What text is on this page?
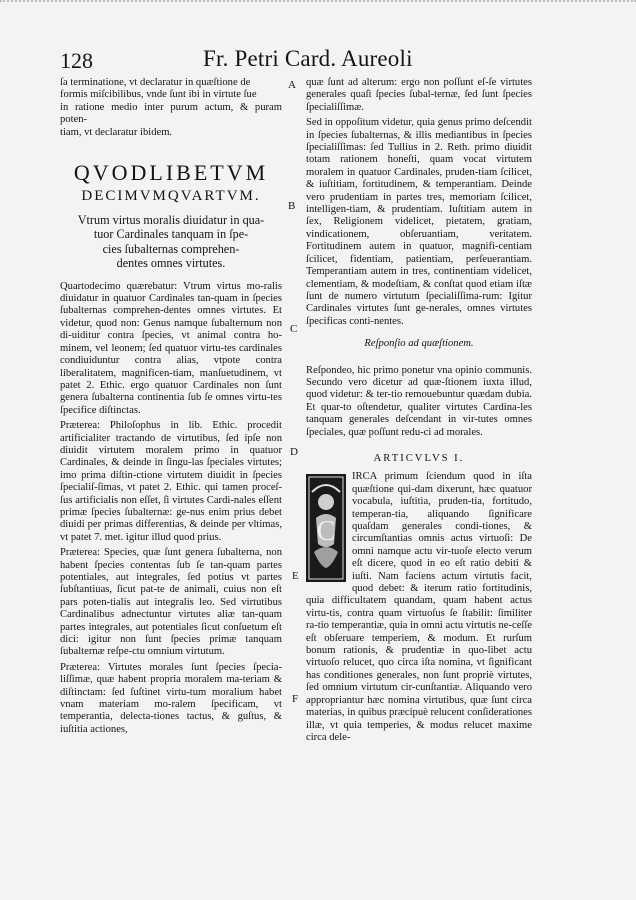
128	Fr. Petri Card. Aureoli
ſa terminatione, vt declaratur in quæſtione de
formis miſcibilibus, vnde ſunt ibi in virtute ſue
in ratione medio inter purum actum, & puram poten-
tiam, vt declaratur ibidem.
QVODLIBETVM
DECIMVMQVARTVM.
Vtrum virtus moralis diuidatur in qua-
tuor Cardinales tanquam in ſpe-
cies ſubalternas comprehen-
dentes omnes virtutes.

Quartodecimo quærebatur: Vtrum virtus mo-ralis diuidatur in quatuor Cardinales tan-quam in ſpecies ſubalternas comprehen-dentes omnes virtutes. Et videtur, quod non: Genus namque ſubalternum non di-uiditur contra ſpecies, vt animal contra ho-minem, vel leonem; ſed quatuor virtu-tes cardinales condiuiduntur contra alias, vtpote contra liberalitatem, magnificen-tiam, manſuetudinem, vt patet 2. Ethic. ergo quatuor Cardinales non ſunt genera ſubalterna continentia ſub ſe omnes virtu-tes ſpecifice diſtinctas.

Præterea: Philoſophus in lib. Ethic. procedit artificialiter tractando de virtutibus, ſed ipſe non diuidit virtutem moralem primo in quatuor Cardinales, & deinde in ſingu-las ſpeciales virtutes; imo prima diſtin-ctione virtutem diuidit in ſpecies ſpecialiſ-ſimas, vt patet 2. Ethic. qui tamen proceſ-ſus artificialis non eſſet, ſi virtutes Cardi-nales eſſent primæ ſpecies ſubalternæ: ge-nus enim prius debet diuidi per primas differentias, & deinde per vltimas, vt patet 7. met. igitur illud quod prius.

Præterea: Species, quæ ſunt genera ſubalterna, non habent ſpecies contentas ſub ſe tan-quam partes potentiales, aut integrales, ſed potius vt partes ſubſtantiuas, ſicut pat-te de animali, cuius non eſt pars poten-tialis aut integralis leo. Sed virtutibus Cardinalibus adnectuntur virtutes aliæ tan-quam partes integrales, aut potentiales ſicut conſuetum eſt dici: igitur non ſunt ſpecies primæ tanquam ſubalternæ reſpe-ctu omnium virtutum.

Præterea: Virtutes morales ſunt ſpecies ſpecia-liſſimæ, quæ habent propria moralem ma-teriam & diſtinctam: ſed ſuſtinet virtu-tum moralium habet vnam materiam mo-ralem ſpecificam, vt temperantia, delecta-tiones tactus, & guſtus, & iuſtitia actiones,

A
B
C
D
E
F

quæ ſunt ad alterum: ergo non poſſunt eſ-ſe virtutes generales quaſi ſpecies ſubal-ternæ, ſed ſunt ſpecies ſpecialiſſimæ.

Sed in oppoſitum videtur, quia genus primo deſcendit in ſpecies ſubalternas, & illis mediantibus in ſpecies ſpecialiſſimas: ſed Tullius in 2. Reth. primo diuidit totam rationem honeſti, quam vocat virtutem moralem in quatuor Cardinales, pruden-tiam ſcilicet, & iuſtitiam, fortitudinem, & temperantiam. Deinde vero prudentiam in partes tres, memoriam ſcilicet, intelligen-tiam, & prudentiam. Iuſtitiam autem in ſex, Religionem videlicet, pietatem, gratiam, vindicationem, obſeruantiam, veritatem. Fortitudinem autem in quatuor, magnifi-centiam ſcilicet, fidentiam, patientiam, perſeuerantiam. Temperantiam autem in tres, continentiam videlicet, clementiam, & modeſtiam, & conſtat quod etiam iſtæ ſunt de numero virtutum ſpecialiſſima-rum: Igitur Cardinales virtutes ſunt ge-nerales, omnes virtutes ſpecificas conti-nentes.

Reſponſio ad quæſtionem.

Reſpondeo, hic primo ponetur vna opinio communis. Secundo vero dicetur ad quæ-ſtionem iuxta illud, quod videtur: & ter-tio remouebuntur quædam dubia. Et quar-to oſtendetur, qualiter virtutes Cardina-les tanquam generales deſcendant in vir-tutes omnes ſpeciales, quæ poſſunt redu-ci ad morales.

ARTICVLVS I.
C

IRCA primum ſciendum quod in iſta quæſtione qui-dam dixerunt, hæc quatuor vocabula, iuſtitia, pruden-tia, fortitudo, temperan-tia, aliquando ſignificare quaſdam generales condi-tiones, & circumſtantias omnis actus virtuoſi: De omni namque actu vir-tuoſe electo verum eſt dicere, quod in eo eſt ratio debiti & iuſti. Nam faciens actum virtutis facit, quod debet: & iterum ratio fortitudinis, quia difficultatem quandam, quam habent actus virtu-tis, contra quam virtuoſus ſe ſtabilit: ſimiliter ra-tio temperantiæ, quia in omni actu virtutis ne-ceſſe eſt obſeruare temperiem, & modum. Et rurſum bonum rationis, & prudentiæ in quo-libet actu virtuoſo relucet, quo circa iſta nomina, vt ſignificant has conditiones generales, non ſunt propriè virtutes, ſed omnium virtutum cir-cunſtantiæ. Aliquando vero appropriantur hæc nomina virtutibus, quæ ſunt circa materias, in quibus præcipuè relucent conſiderationes illæ, vt quia temperies, & modus relucet maxime circa dele-
